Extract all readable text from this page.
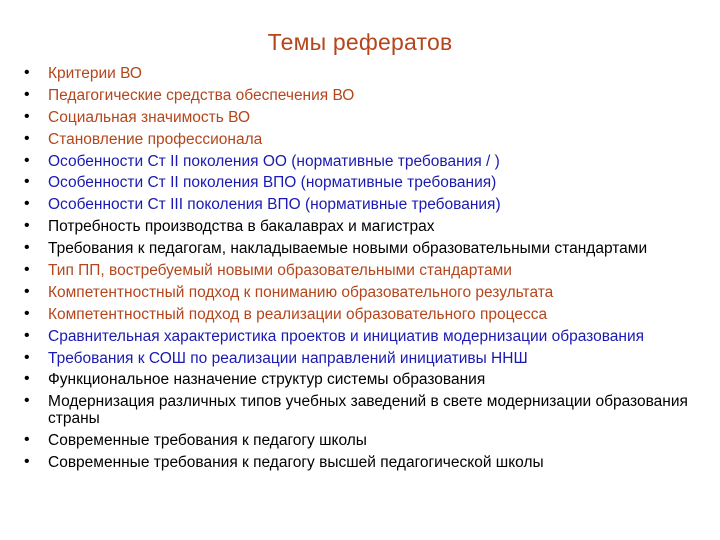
Темы рефератов
• Критерии ВО
• Педагогические средства обеспечения ВО
• Социальная значимость ВО
• Становление профессионала
• Особенности Ст II поколения ОО (нормативные требования / )
• Особенности Ст II поколения ВПО (нормативные требования)
• Особенности Ст III поколения ВПО (нормативные требования)
• Потребность производства в бакалаврах и магистрах
• Требования к педагогам, накладываемые новыми образовательными стандартами
• Тип ПП, востребуемый новыми образовательными стандартами
• Компетентностный подход к пониманию образовательного результата
• Компетентностный подход в реализации образовательного процесса
• Сравнительная характеристика проектов и инициатив модернизации образования
• Требования к СОШ по реализации направлений инициативы ННШ
• Функциональное назначение структур системы образования
• Модернизация различных типов учебных заведений в свете модернизации образования страны
• Современные требования к педагогу школы
• Современные требования к педагогу высшей педагогической школы
